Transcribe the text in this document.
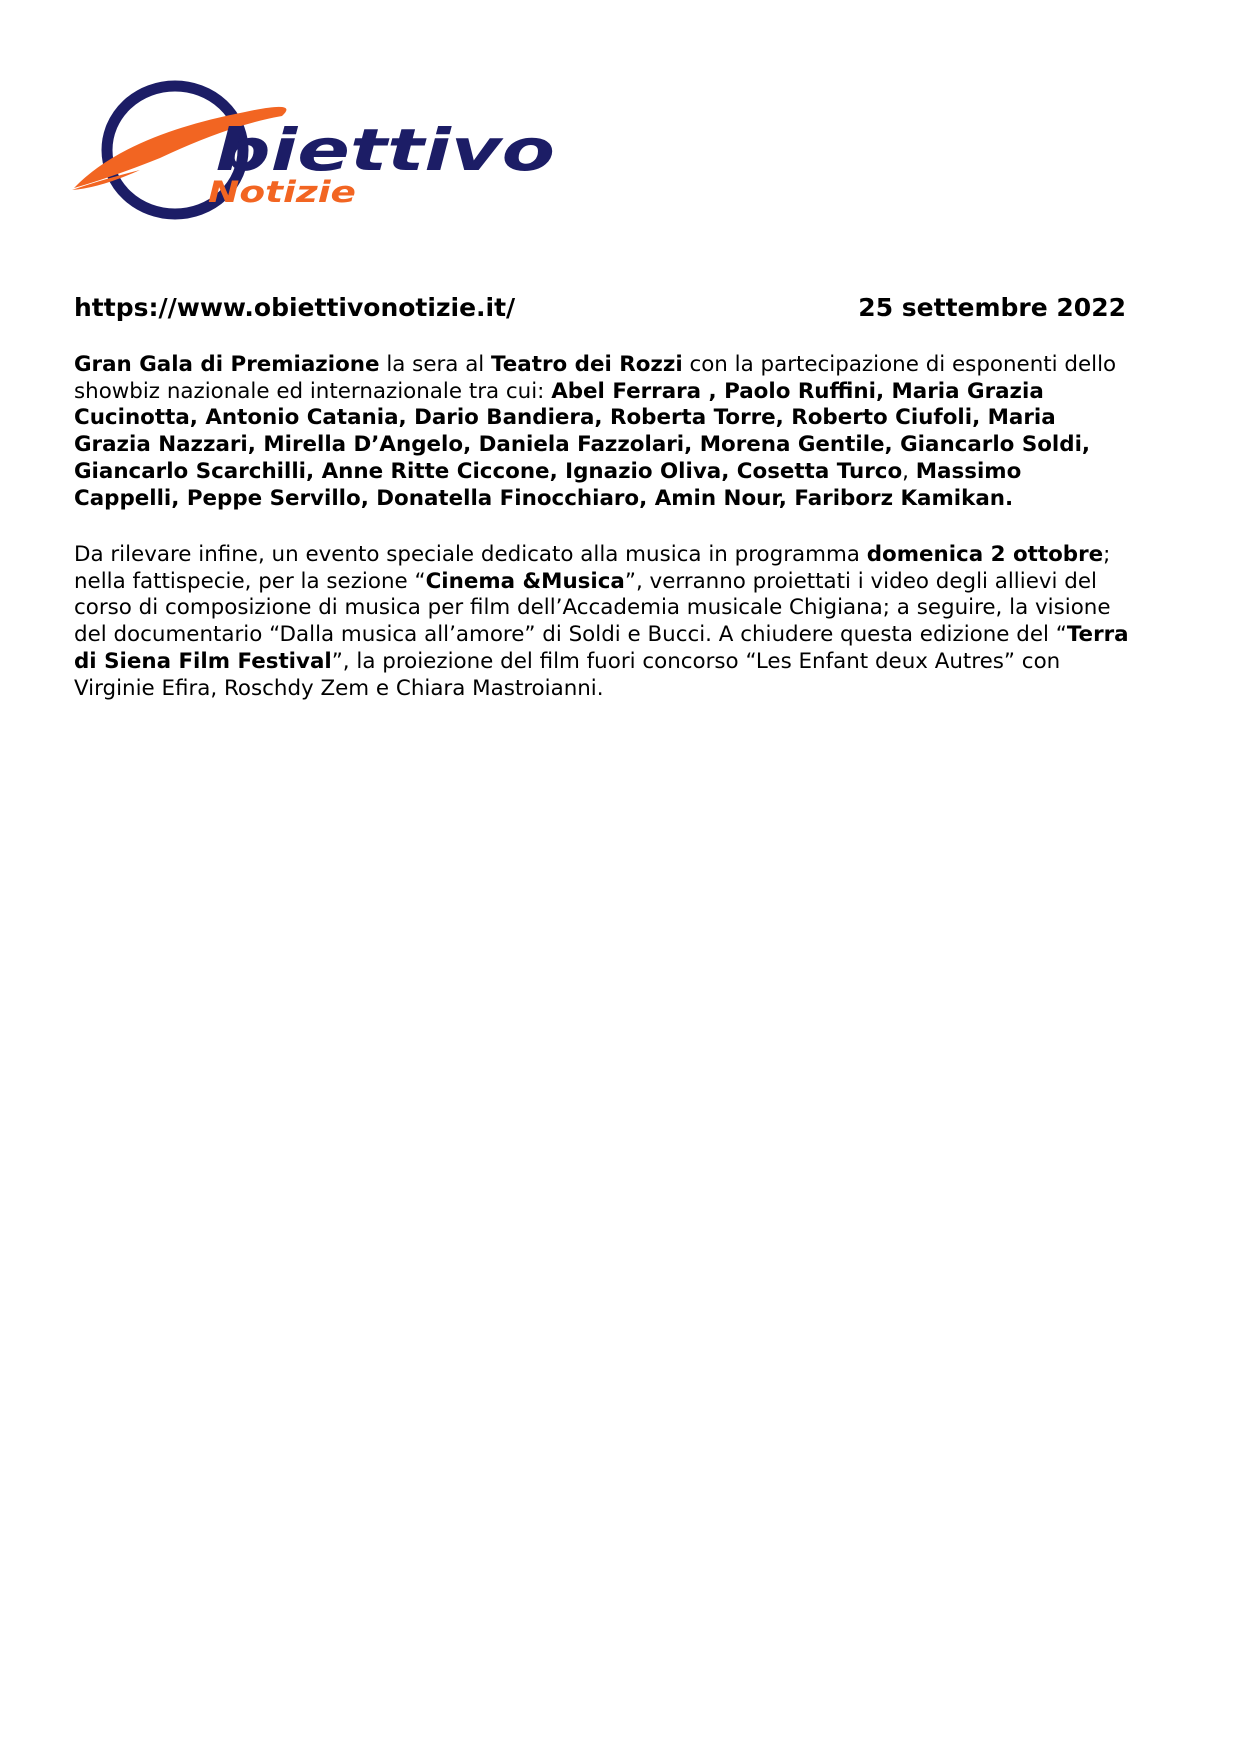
biettivo
Notizie
https://www.obiettivonotizie.it/	25 settembre 2022

Gran Gala di Premiazione la sera al Teatro dei Rozzi con la partecipazione di esponenti dello showbiz nazionale ed internazionale tra cui: Abel Ferrara , Paolo Ruffini, Maria Grazia Cucinotta, Antonio Catania, Dario Bandiera, Roberta Torre, Roberto Ciufoli, Maria Grazia Nazzari, Mirella D’Angelo, Daniela Fazzolari, Morena Gentile, Giancarlo Soldi, Giancarlo Scarchilli, Anne Ritte Ciccone, Ignazio Oliva, Cosetta Turco, Massimo Cappelli, Peppe Servillo, Donatella Finocchiaro, Amin Nour, Fariborz Kamikan.

Da rilevare infine, un evento speciale dedicato alla musica in programma domenica 2 ottobre; nella fattispecie, per la sezione “Cinema &Musica”, verranno proiettati i video degli allievi del corso di composizione di musica per film dell’Accademia musicale Chigiana; a seguire, la visione del documentario “Dalla musica all’amore” di Soldi e Bucci. A chiudere questa edizione del “Terra di Siena Film Festival”, la proiezione del film fuori concorso “Les Enfant deux Autres” con Virginie Efira, Roschdy Zem e Chiara Mastroianni.
